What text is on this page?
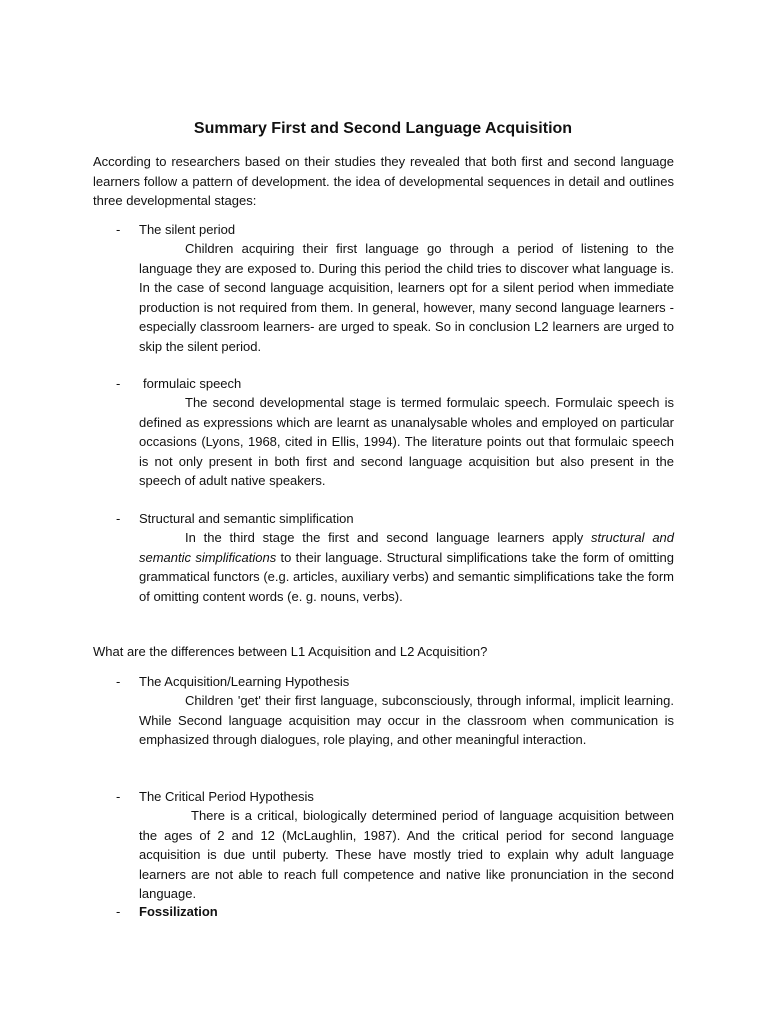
Summary First and Second Language Acquisition

According to researchers based on their studies they revealed that both first and second language learners follow a pattern of development. the idea of developmental sequences in detail and outlines three developmental stages:

- The silent period

Children acquiring their first language go through a period of listening to the language they are exposed to. During this period the child tries to discover what language is. In the case of second language acquisition, learners opt for a silent period when immediate production is not required from them. In general, however, many second language learners - especially classroom learners- are urged to speak. So in conclusion L2 learners are urged to skip the silent period.

- formulaic speech

The second developmental stage is termed formulaic speech. Formulaic speech is defined as expressions which are learnt as unanalysable wholes and employed on particular occasions (Lyons, 1968, cited in Ellis, 1994). The literature points out that formulaic speech is not only present in both first and second language acquisition but also present in the speech of adult native speakers.

- Structural and semantic simplification

In the third stage the first and second language learners apply structural and semantic simplifications to their language. Structural simplifications take the form of omitting grammatical functors (e.g. articles, auxiliary verbs) and semantic simplifications take the form of omitting content words (e. g. nouns, verbs).

What are the differences between L1 Acquisition and L2 Acquisition?

- The Acquisition/Learning Hypothesis

Children 'get' their first language, subconsciously, through informal, implicit learning. While Second language acquisition may occur in the classroom when communication is emphasized through dialogues, role playing, and other meaningful interaction.

- The Critical Period Hypothesis

There is a critical, biologically determined period of language acquisition between the ages of 2 and 12 (McLaughlin, 1987). And the critical period for second language acquisition is due until puberty. These have mostly tried to explain why adult language learners are not able to reach full competence and native like pronunciation in the second language.

- Fossilization
